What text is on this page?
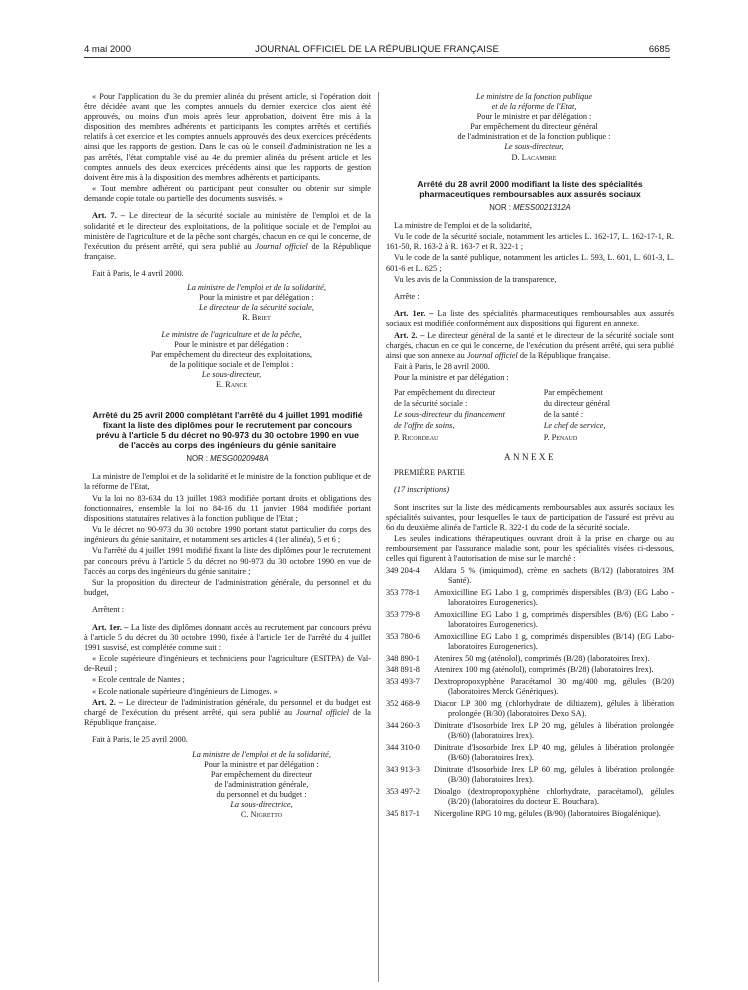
4 mai 2000	JOURNAL OFFICIEL DE LA RÉPUBLIQUE FRANÇAISE	6685

« Pour l'application du 3e du premier alinéa du présent article, si l'opération doit être décidée avant que les comptes annuels du dernier exercice clos aient été approuvés, ou moins d'un mois après leur approbation, doivent être mis à la disposition des membres adhérents et participants les comptes arrêtés et certifiés relatifs à cet exercice et les comptes annuels approuvés des deux exercices précédents ainsi que les rapports de gestion. Dans le cas où le conseil d'administration ne les a pas arrêtés, l'état comptable visé au 4e du premier alinéa du présent article et les comptes annuels des deux exercices précédents ainsi que les rapports de gestion doivent être mis à la disposition des membres adhérents et participants.

« Tout membre adhérent ou participant peut consulter ou obtenir sur simple demande copie totale ou partielle des documents susvisés. »

Art. 7. – Le directeur de la sécurité sociale au ministère de l'emploi et de la solidarité et le directeur des exploitations, de la politique sociale et de l'emploi au ministère de l'agriculture et de la pêche sont chargés, chacun en ce qui le concerne, de l'exécution du présent arrêté, qui sera publié au Journal officiel de la République française.

Fait à Paris, le 4 avril 2000.

La ministre de l'emploi et de la solidarité,

Pour la ministre et par délégation :

Le directeur de la sécurité sociale,

R. Briet

Le ministre de l'agriculture et de la pêche,

Pour le ministre et par délégation :

Par empêchement du directeur des exploitations,

de la politique sociale et de l'emploi :

Le sous-directeur,

E. Rance

Arrêté du 25 avril 2000 complétant l'arrêté du 4 juillet 1991 modifié fixant la liste des diplômes pour le recrutement par concours prévu à l'article 5 du décret no 90-973 du 30 octobre 1990 en vue de l'accès au corps des ingénieurs du génie sanitaire
NOR : MESG0020948A

La ministre de l'emploi et de la solidarité et le ministre de la fonction publique et de la réforme de l'Etat,

Vu la loi no 83-634 du 13 juillet 1983 modifiée portant droits et obligations des fonctionnaires, ensemble la loi no 84-16 du 11 janvier 1984 modifiée portant dispositions statutaires relatives à la fonction publique de l'Etat ;

Vu le décret no 90-973 du 30 octobre 1990 portant statut particulier du corps des ingénieurs du génie sanitaire, et notamment ses articles 4 (1er alinéa), 5 et 6 ;

Vu l'arrêté du 4 juillet 1991 modifié fixant la liste des diplômes pour le recrutement par concours prévu à l'article 5 du décret no 90-973 du 30 octobre 1990 en vue de l'accès au corps des ingénieurs du génie sanitaire ;

Sur la proposition du directeur de l'administration générale, du personnel et du budget,

Arrêtent :

Art. 1er. – La liste des diplômes donnant accès au recrutement par concours prévu à l'article 5 du décret du 30 octobre 1990, fixée à l'article 1er de l'arrêté du 4 juillet 1991 susvisé, est complétée comme suit :

« Ecole supérieure d'ingénieurs et techniciens pour l'agriculture (ESITPA) de Val-de-Reuil ;

« Ecole centrale de Nantes ;

« Ecole nationale supérieure d'ingénieurs de Limoges. »

Art. 2. – Le directeur de l'administration générale, du personnel et du budget est chargé de l'exécution du présent arrêté, qui sera publié au Journal officiel de la République française.

Fait à Paris, le 25 avril 2000.

La ministre de l'emploi et de la solidarité,

Pour la ministre et par délégation :

Par empêchement du directeur

de l'administration générale,

du personnel et du budget :

La sous-directrice,

C. Nigretto

Le ministre de la fonction publique

et de la réforme de l'Etat,

Pour le ministre et par délégation :

Par empêchement du directeur général

de l'administration et de la fonction publique :

Le sous-directeur,

D. Lacambre

Arrêté du 28 avril 2000 modifiant la liste des spécialités pharmaceutiques remboursables aux assurés sociaux
NOR : MESS0021312A

La ministre de l'emploi et de la solidarité,

Vu le code de la sécurité sociale, notamment les articles L. 162-17, L. 162-17-1, R. 161-50, R. 163-2 à R. 163-7 et R. 322-1 ;

Vu le code de la santé publique, notamment les articles L. 593, L. 601, L. 601-3, L. 601-6 et L. 625 ;

Vu les avis de la Commission de la transparence,

Arrête :

Art. 1er. – La liste des spécialités pharmaceutiques remboursables aux assurés sociaux est modifiée conformément aux dispositions qui figurent en annexe.

Art. 2. – Le directeur général de la santé et le directeur de la sécurité sociale sont chargés, chacun en ce qui le concerne, de l'exécution du présent arrêté, qui sera publié ainsi que son annexe au Journal officiel de la République française.

Fait à Paris, le 28 avril 2000.

Pour la ministre et par délégation :

Par empêchement du directeur

de la sécurité sociale :

Le sous-directeur du financement

de l'offre de soins,

P. Ricordeau

Par empêchement

du directeur général

de la santé :

Le chef de service,

P. Penaud

ANNEXE

PREMIÈRE PARTIE

(17 inscriptions)

Sont inscrites sur la liste des médicaments remboursables aux assurés sociaux les spécialités suivantes, pour lesquelles le taux de participation de l'assuré est prévu au 6o du deuxième alinéa de l'article R. 322-1 du code de la sécurité sociale.

Les seules indications thérapeutiques ouvrant droit à la prise en charge ou au remboursement par l'assurance maladie sont, pour les spécialités visées ci-dessous, celles qui figurent à l'autorisation de mise sur le marché :

349 204-4	Aldara 5 % (imiquimod), crème en sachets (B/12) (laboratoires 3M Santé).
353 778-1	Amoxicilline EG Labo 1 g, comprimés dispersibles (B/3) (EG Labo - laboratoires Eurogenerics).
353 779-8	Amoxicilline EG Labo 1 g, comprimés dispersibles (B/6) (EG Labo - laboratoires Eurogenerics).
353 780-6	Amoxicilline EG Labo 1 g, comprimés dispersibles (B/14) (EG Labo-laboratoires Eurogenerics).
348 890-1	Atenirex 50 mg (aténolol), comprimés (B/28) (laboratoires Irex).
348 891-8	Atenirex 100 mg (aténolol), comprimés (B/28) (laboratoires Irex).
353 493-7	Dextropropoxyphène Paracétamol 30 mg/400 mg, gélules (B/20) (laboratoires Merck Génériques).
352 468-9	Diacor LP 300 mg (chlorhydrate de diltiazem), gélules à libération prolongée (B/30) (laboratoires Dexo SA).
344 260-3	Dinitrate d'Isosorbide Irex LP 20 mg, gélules à libération prolongée (B/60) (laboratoires Irex).
344 310-0	Dinitrate d'Isosorbide Irex LP 40 mg, gélules à libération prolongée (B/60) (laboratoires Irex).
343 913-3	Dinitrate d'Isosorbide Irex LP 60 mg, gélules à libération prolongée (B/30) (laboratoires Irex).
353 497-2	Dioalgo (dextropropoxyphène chlorhydrate, paracétamol), gélules (B/20) (laboratoires du docteur E. Bouchara).
345 817-1	Nicergoline RPG 10 mg, gélules (B/90) (laboratoires Biogalénique).
